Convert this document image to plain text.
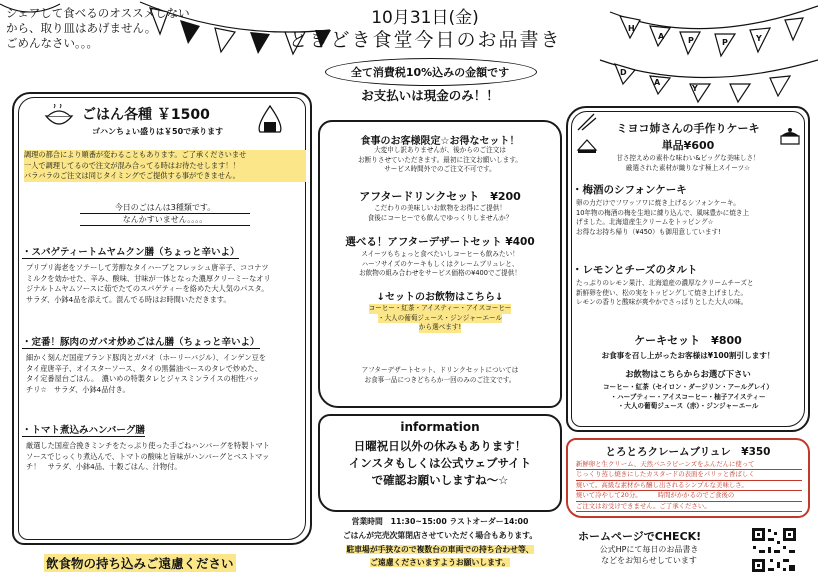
H
A	P	P	Y
D
A
Y
シェアして食べるのオススメしない
から、取り皿はあげません。
ごめんなさい。。。
10月31日(金)
ときどき食堂今日のお品書き
全て消費税10%込みの金額です
お支払いは現金のみ！！
ごはん各種 ￥1500
ゴハンちょい盛りは￥50で承ります
調理の都合により順番が変わることもあります。ご了承くださいませ
一人で調理してるので注文が混み合ってる時はお待たせします！！
バラバラのご注文は同じタイミングでご提供する事ができません。
今日のごはんは3種類です。
なんかすいません。。。。
・スパゲティートムヤムクン膳（ちょっと辛いよ）
プリプリ海老をソテーして芳醇なタイハーブとフレッシュ唐辛子、ココナツ
ミルクを効かせた、辛み、酸味、甘味が一体となった濃厚クリーミーなオリ
ジナルトムヤムソースに茹でたてのスパゲティーを絡めた大人気のパスタ。
サラダ、小鉢4品を添えて。混んでる時はお時間いただきます。
・定番！豚肉のガパオ炒めごはん膳（ちょっと辛いよ）
細かく刻んだ国産ブランド豚肉とガパオ（ホーリーバジル）、インゲン豆を
タイ産唐辛子、オイスターソース、タイの黒醤油ベースのタレで炒めた、
タイ定番屋台ごはん。　濃いめの特製タレとジャスミンライスの相性バッ
チリ☆　サラダ、小鉢4品付き。
・トマト煮込みハンバーグ膳
厳選した国産合挽きミンチをたっぷり使った手ごねハンバーグを特製トマト
ソースでじっくり煮込んで、トマトの酸味と旨味がハンバーグとベストマッ
チ！　サラダ、小鉢4品、十穀ごはん、汁物付。
飲食物の持ち込みご遠慮ください
食事のお客様限定☆お得なセット！
大変申し訳ありませんが、後からのご注文は
お断りさせていただきます。最初に注文お願いします。
サービス時間外でのご注文不可です。
アフタードリンクセット　¥200
こだわりの美味しいお飲物をお得にご提供！
食後にコーヒーでも飲んでゆっくりしませんか？
選べる！アフターデザートセット ¥400
スイーツもちょっと食べたいしコーヒーも飲みたい！
ハーフサイズのケーキもしくはクレームブリュレと、
お飲物の組み合わせをサービス価格の¥400でご提供！
↓セットのお飲物はこちら↓
コーヒー・紅茶・アイスティー・アイスコーヒー
・大人の葡萄ジュース・ジンジャーエール
から選べます!
アフターデザートセット、ドリンクセットについては
お食事一品につきどちらか一回のみのご注文です。
information
日曜祝日以外の休みもあります！
インスタもしくは公式ウェブサイト
で確認お願いしますね〜☆
営業時間　11:30~15:00 ラストオーダー14:00
ごはんが完売次第閉店させていただく場合もあります。
駐車場が手狭なので複数台の車両での持ち合わせ等、
ご遠慮くださいますようお願いします。
ミヨコ姉さんの手作りケーキ
単品¥600
甘さ控えめの素朴な味わい&ビッグな美味しさ！
厳選された素材が織りなす極上スイーツ☆
・梅酒のシフォンケーキ
卵の力だけでフワッフワに焼き上げるシフォンケーキ。
10年物の梅酒の梅を生地に練り込んで、風味豊かに焼き上
げました。北海道産生クリームをトッピング☆
お得なお持ち帰り（¥450）も御用意しています!
・レモンとチーズのタルト
たっぷりのレモン果汁、北海道産の濃厚なクリームチーズと
新鮮卵を使い、松の実をトッピングして焼き上げました。
レモンの香りと酸味が爽やかでさっぱりとした大人の味。
ケーキセット　¥800
お食事を召し上がったお客様は¥100割引します！
お飲物はこちらからお選び下さい
コーヒー・紅茶（セイロン・ダージリン・アールグレイ）
・ハーブティー・アイスコーヒー・柚子アイスティー
・大人の葡萄ジュース（赤）・ジンジャーエール
とろとろクレームブリュレ　¥350
新鮮卵と生クリーム、天然バニラビーンズをふんだんに使って
じっくり蒸し焼きにしたカスタードの表面をパリッと香ばしく
焼いて。高級な素材から醸し出されるシンプルな美味しさ。
焼いて冷やして20分。　　　時間がかかるのでご食後の
ご注文はお受けできません。ご了承ください。
ホームページでCHECK!
公式HPにて毎日のお品書き
などをお知らせしています
